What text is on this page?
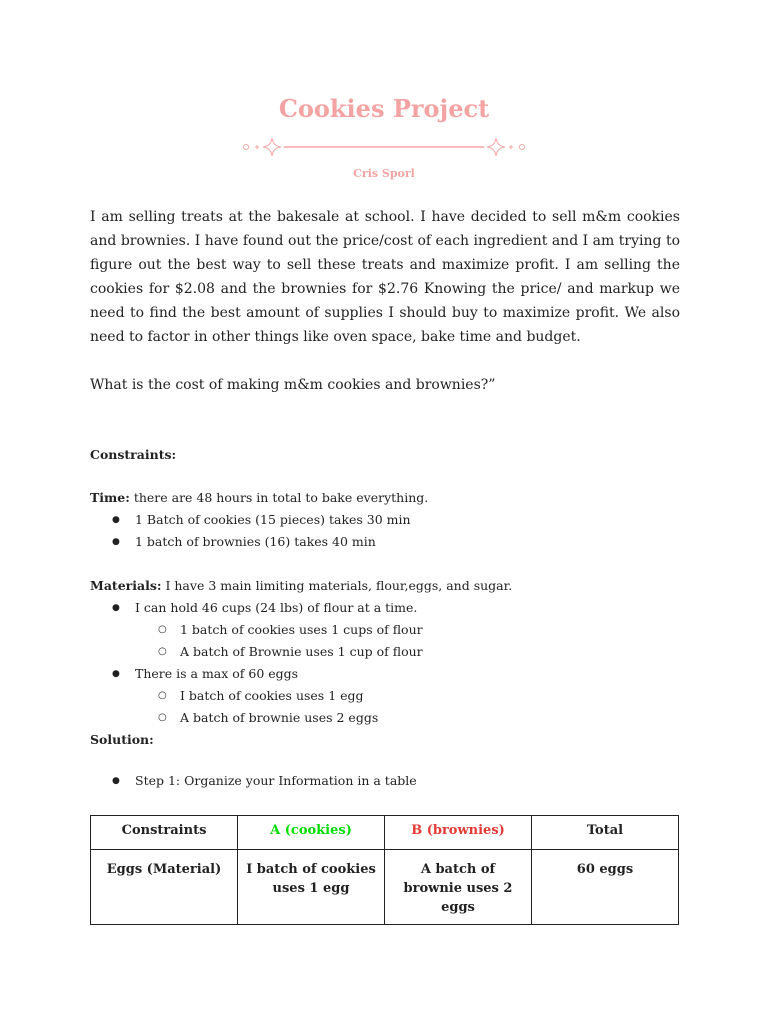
Cookies Project
Cris Sporl

I am selling treats at the bakesale at school. I have decided to sell m&m cookies and brownies. I have found out the price/cost of each ingredient and I am trying to figure out the best way to sell these treats and maximize profit. I am selling the cookies for $2.08 and the brownies for $2.76 Knowing the price/ and markup we need to find the best amount of supplies I should buy to maximize profit. We also need to factor in other things like oven space, bake time and budget.

What is the cost of making m&m cookies and brownies?”

Constraints:
Time: there are 48 hours in total to bake everything.
● 1 Batch of cookies (15 pieces) takes 30 min
● 1 batch of brownies (16) takes 40 min
Materials: I have 3 main limiting materials, flour,eggs, and sugar.
● I can hold 46 cups (24 lbs) of flour at a time.
○ 1 batch of cookies uses 1 cups of flour
○ A batch of Brownie uses 1 cup of flour
● There is a max of 60 eggs
○ I batch of cookies uses 1 egg
○ A batch of brownie uses 2 eggs
Solution:
● Step 1: Organize your Information in a table
Constraints	A (cookies)	B (brownies)	Total
Eggs (Material)	I batch of cookies uses 1 egg	A batch of brownie uses 2 eggs	60 eggs
